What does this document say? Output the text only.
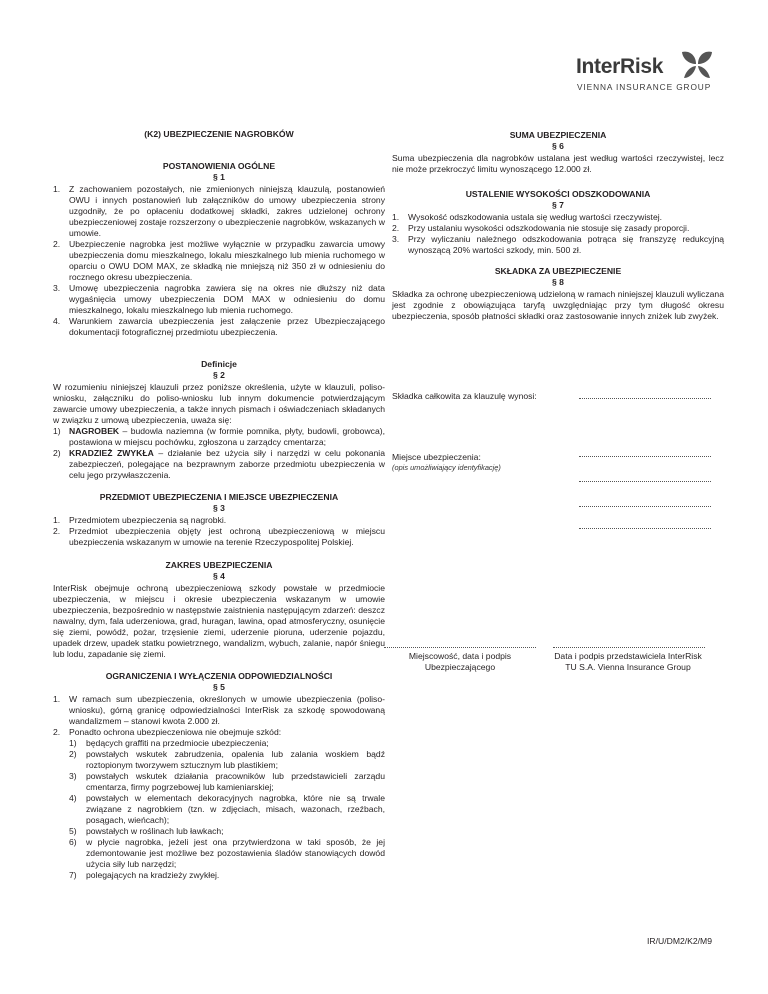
InterRisk
VIENNA INSURANCE GROUP
(K2) UBEZPIECZENIE NAGROBKÓW
POSTANOWIENIA OGÓLNE
§ 1
1. Z zachowaniem pozostałych, nie zmienionych niniejszą klauzulą, postanowień OWU i innych postanowień lub załączników do umowy ubezpieczenia strony uzgodniły, że po opłaceniu dodatkowej składki, zakres udzielonej ochrony ubezpieczeniowej zostaje rozszerzony o ubezpieczenie nagrobków, wskazanych w umowie.
2. Ubezpieczenie nagrobka jest możliwe wyłącznie w przypadku zawarcia umowy ubezpieczenia domu mieszkalnego, lokalu mieszkalnego lub mienia ruchomego w oparciu o OWU DOM MAX, ze składką nie mniejszą niż 350 zł w odniesieniu do rocznego okresu ubezpieczenia.
3. Umowę ubezpieczenia nagrobka zawiera się na okres nie dłuższy niż data wygaśnięcia umowy ubezpieczenia DOM MAX w odniesieniu do domu mieszkalnego, lokalu mieszkalnego lub mienia ruchomego.
4. Warunkiem zawarcia ubezpieczenia jest załączenie przez Ubezpieczającego dokumentacji fotograficznej przedmiotu ubezpieczenia.
Definicje
§ 2

W rozumieniu niniejszej klauzuli przez poniższe określenia, użyte w klauzuli, poliso-wniosku, załączniku do poliso-wniosku lub innym dokumencie potwierdzającym zawarcie umowy ubezpieczenia, a także innych pismach i oświadczeniach składanych w związku z umową ubezpieczenia, uważa się:

1) NAGROBEK – budowla naziemna (w formie pomnika, płyty, budowli, grobowca), postawiona w miejscu pochówku, zgłoszona u zarządcy cmentarza;
2) KRADZIEŻ ZWYKŁA – działanie bez użycia siły i narzędzi w celu pokonania zabezpieczeń, polegające na bezprawnym zaborze przedmiotu ubezpieczenia w celu jego przywłaszczenia.
PRZEDMIOT UBEZPIECZENIA I MIEJSCE UBEZPIECZENIA
§ 3
1. Przedmiotem ubezpieczenia są nagrobki.
2. Przedmiot ubezpieczenia objęty jest ochroną ubezpieczeniową w miejscu ubezpieczenia wskazanym w umowie na terenie Rzeczypospolitej Polskiej.
ZAKRES UBEZPIECZENIA
§ 4

InterRisk obejmuje ochroną ubezpieczeniową szkody powstałe w przedmiocie ubezpieczenia, w miejscu i okresie ubezpieczenia wskazanym w umowie ubezpieczenia, bezpośrednio w następstwie zaistnienia następującym zdarzeń: deszcz nawalny, dym, fala uderzeniowa, grad, huragan, lawina, opad atmosferyczny, osunięcie się ziemi, powódź, pożar, trzęsienie ziemi, uderzenie pioruna, uderzenie pojazdu, upadek drzew, upadek statku powietrznego, wandalizm, wybuch, zalanie, napór śniegu lub lodu, zapadanie się ziemi.

OGRANICZENIA I WYŁĄCZENIA ODPOWIEDZIALNOŚCI
§ 5
1. W ramach sum ubezpieczenia, określonych w umowie ubezpieczenia (poliso-wniosku), górną granicę odpowiedzialności InterRisk za szkodę spowodowaną wandalizmem – stanowi kwota 2.000 zł.
2. Ponadto ochrona ubezpieczeniowa nie obejmuje szkód:
1) będących graffiti na przedmiocie ubezpieczenia;
2) powstałych wskutek zabrudzenia, opalenia lub zalania woskiem bądź roztopionym tworzywem sztucznym lub plastikiem;
3) powstałych wskutek działania pracowników lub przedstawicieli zarządu cmentarza, firmy pogrzebowej lub kamieniarskiej;
4) powstałych w elementach dekoracyjnych nagrobka, które nie są trwale związane z nagrobkiem (tzn. w zdjęciach, misach, wazonach, rzeźbach, posągach, wieńcach);
5) powstałych w roślinach lub ławkach;
6) w płycie nagrobka, jeżeli jest ona przytwierdzona w taki sposób, że jej zdemontowanie jest możliwe bez pozostawienia śladów stanowiących dowód użycia siły lub narzędzi;
7) polegających na kradzieży zwykłej.
SUMA UBEZPIECZENIA
§ 6

Suma ubezpieczenia dla nagrobków ustalana jest według wartości rzeczywistej, lecz nie może przekroczyć limitu wynoszącego 12.000 zł.

USTALENIE WYSOKOŚCI ODSZKODOWANIA
§ 7
1. Wysokość odszkodowania ustala się według wartości rzeczywistej.
2. Przy ustalaniu wysokości odszkodowania nie stosuje się zasady proporcji.
3. Przy wyliczaniu należnego odszkodowania potrąca się franszyzę redukcyjną wynoszącą 20% wartości szkody, min. 500 zł.
SKŁADKA ZA UBEZPIECZENIE
§ 8

Składka za ochronę ubezpieczeniową udzieloną w ramach niniejszej klauzuli wyliczana jest zgodnie z obowiązująca taryfą uwzględniając przy tym długość okresu ubezpieczenia, sposób płatności składki oraz zastosowanie innych zniżek lub zwyżek.

Składka całkowita za klauzulę wynosi:
Miejsce ubezpieczenia:
(opis umożliwiający identyfikację)
Miejscowość, data i podpis Ubezpieczającego
Data i podpis przedstawiciela InterRisk TU S.A. Vienna Insurance Group
IR/U/DM2/K2/M9
